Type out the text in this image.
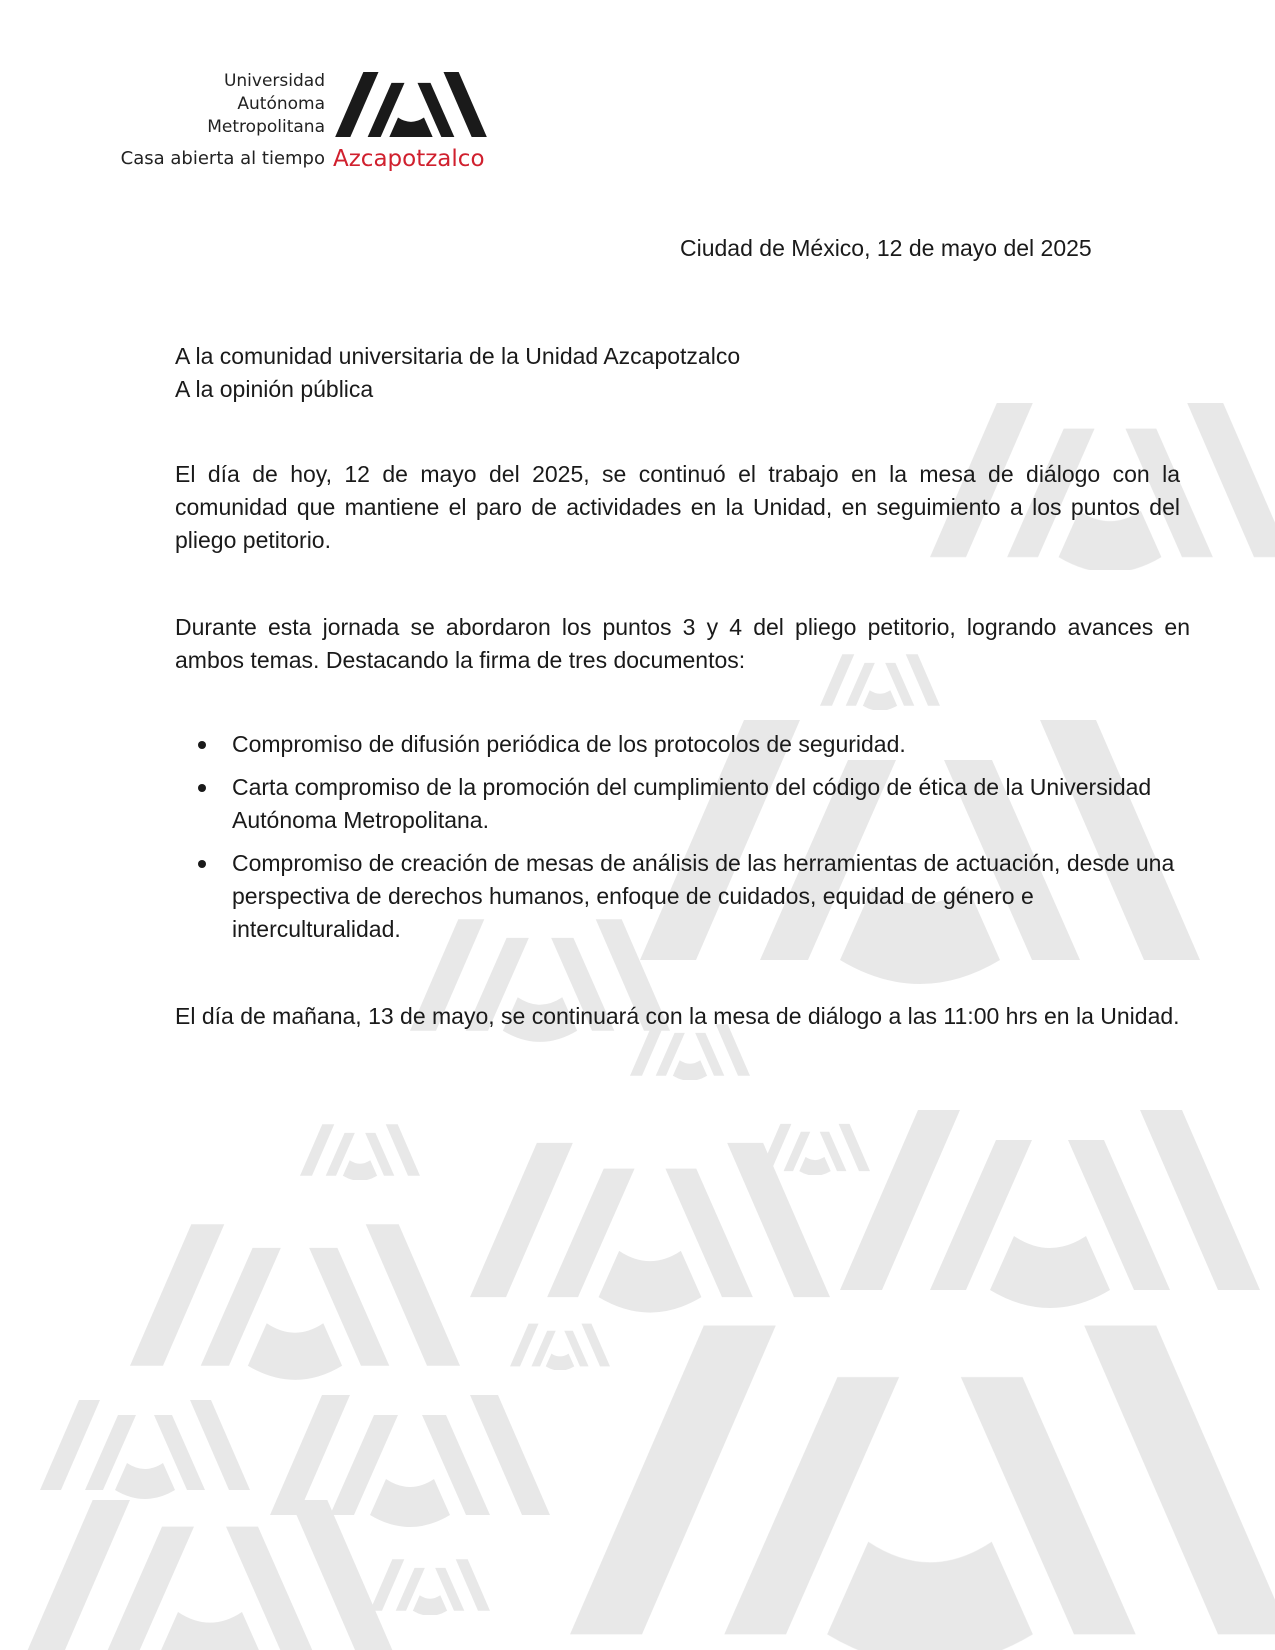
Universidad
Autónoma
Metropolitana
Casa abierta al tiempo Azcapotzalco
Ciudad de México, 12 de mayo del 2025
A la comunidad universitaria de la Unidad Azcapotzalco
A la opinión pública
El día de hoy, 12 de mayo del 2025, se continuó el trabajo en la mesa de diálogo con la comunidad que mantiene el paro de actividades en la Unidad, en seguimiento a los puntos del pliego petitorio.
Durante esta jornada se abordaron los puntos 3 y 4 del pliego petitorio, logrando avances en ambos temas. Destacando la firma de tres documentos:
Compromiso de difusión periódica de los protocolos de seguridad.
Carta compromiso de la promoción del cumplimiento del código de ética de la Universidad Autónoma Metropolitana.
Compromiso de creación de mesas de análisis de las herramientas de actuación, desde una perspectiva de derechos humanos, enfoque de cuidados, equidad de género e interculturalidad.
El día de mañana, 13 de mayo, se continuará con la mesa de diálogo a las 11:00 hrs en la Unidad.
